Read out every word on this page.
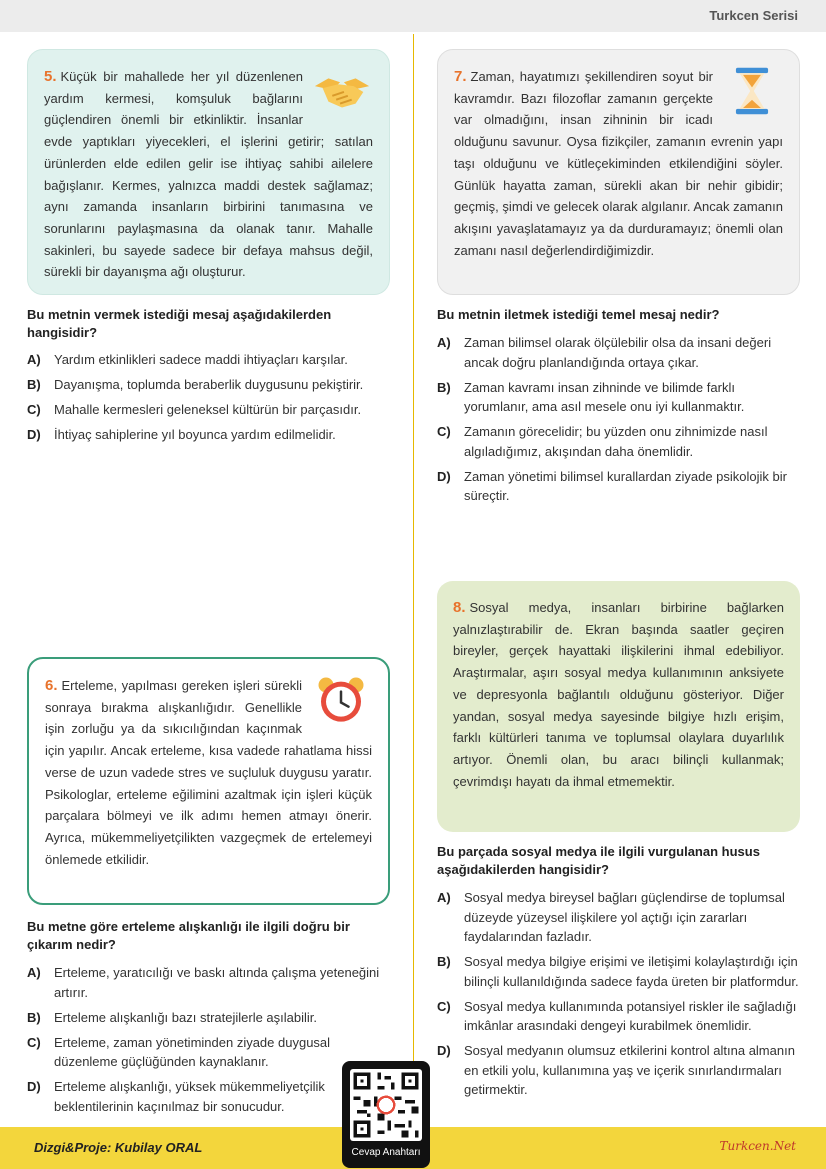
Turkcen Serisi
5. Küçük bir mahallede her yıl düzenlenen yardım kermesi, komşuluk bağlarını güçlendiren önemli bir etkinliktir. İnsanlar evde yaptıkları yiyecekleri, el işlerini getirir; satılan ürünlerden elde edilen gelir ise ihtiyaç sahibi ailelere bağışlanır. Kermes, yalnızca maddi destek sağlamaz; aynı zamanda insanların birbirini tanımasına ve sorunlarını paylaşmasına da olanak tanır. Mahalle sakinleri, bu sayede sadece bir defaya mahsus değil, sürekli bir dayanışma ağı oluşturur.
Bu metnin vermek istediği mesaj aşağıdakilerden hangisidir?
A) Yardım etkinlikleri sadece maddi ihtiyaçları karşılar.
B) Dayanışma, toplumda beraberlik duygusunu pekiştirir.
C) Mahalle kermesleri geleneksel kültürün bir parçasıdır.
D) İhtiyaç sahiplerine yıl boyunca yardım edilmelidir.
7. Zaman, hayatımızı şekillendiren soyut bir kavramdır. Bazı filozoflar zamanın gerçekte var olmadığını, insan zihninin bir icadı olduğunu savunur. Oysa fizikçiler, zamanın evrenin yapı taşı olduğunu ve kütleçekiminden etkilendiğini söyler. Günlük hayatta zaman, sürekli akan bir nehir gibidir; geçmiş, şimdi ve gelecek olarak algılanır. Ancak zamanın akışını yavaşlatamayız ya da durduramayız; önemli olan zamanı nasıl değerlendirdiğimizdir.
Bu metnin iletmek istediği temel mesaj nedir?
A) Zaman bilimsel olarak ölçülebilir olsa da insani değeri ancak doğru planlandığında ortaya çıkar.
B) Zaman kavramı insan zihninde ve bilimde farklı yorumlanır, ama asıl mesele onu iyi kullanmaktır.
C) Zamanın görecelidir; bu yüzden onu zihnimizde nasıl algıladığımız, akışından daha önemlidir.
D) Zaman yönetimi bilimsel kurallardan ziyade psikolojik bir süreçtir.
8. Sosyal medya, insanları birbirine bağlarken yalnızlaştırabilir de. Ekran başında saatler geçiren bireyler, gerçek hayattaki ilişkilerini ihmal edebiliyor. Araştırmalar, aşırı sosyal medya kullanımının anksiyete ve depresyonla bağlantılı olduğunu gösteriyor. Diğer yandan, sosyal medya sayesinde bilgiye hızlı erişim, farklı kültürleri tanıma ve toplumsal olaylara duyarlılık artıyor. Önemli olan, bu aracı bilinçli kullanmak; çevrimdışı hayatı da ihmal etmemektir.
Bu parçada sosyal medya ile ilgili vurgulanan husus aşağıdakilerden hangisidir?
A) Sosyal medya bireysel bağları güçlendirse de toplumsal düzeyde yüzeysel ilişkilere yol açtığı için zararları faydalarından fazladır.
B) Sosyal medya bilgiye erişimi ve iletişimi kolaylaştırdığı için bilinçli kullanıldığında sadece fayda üreten bir platformdur.
C) Sosyal medya kullanımında potansiyel riskler ile sağladığı imkânlar arasındaki dengeyi kurabilmek önemlidir.
D) Sosyal medyanın olumsuz etkilerini kontrol altına almanın en etkili yolu, kullanımına yaş ve içerik sınırlandırmaları getirmektir.
6. Erteleme, yapılması gereken işleri sürekli sonraya bırakma alışkanlığıdır. Genellikle işin zorluğu ya da sıkıcılığından kaçınmak için yapılır. Ancak erteleme, kısa vadede rahatlama hissi verse de uzun vadede stres ve suçluluk duygusu yaratır. Psikologlar, erteleme eğilimini azaltmak için işleri küçük parçalara bölmeyi ve ilk adımı hemen atmayı önerir. Ayrıca, mükemmeliyetçilikten vazgeçmek de ertelemeyi önlemede etkilidir.
Bu metne göre erteleme alışkanlığı ile ilgili doğru bir çıkarım nedir?
A) Erteleme, yaratıcılığı ve baskı altında çalışma yeteneğini artırır.
B) Erteleme alışkanlığı bazı stratejilerle aşılabilir.
C) Erteleme, zaman yönetiminden ziyade duygusal düzenleme güçlüğünden kaynaklanır.
D) Erteleme alışkanlığı, yüksek mükemmeliyetçilik beklentilerinin kaçınılmaz bir sonucudur.
Dizgi&Proje: Kubilay ORAL	Turkcen.Net
Cevap Anahtarı
